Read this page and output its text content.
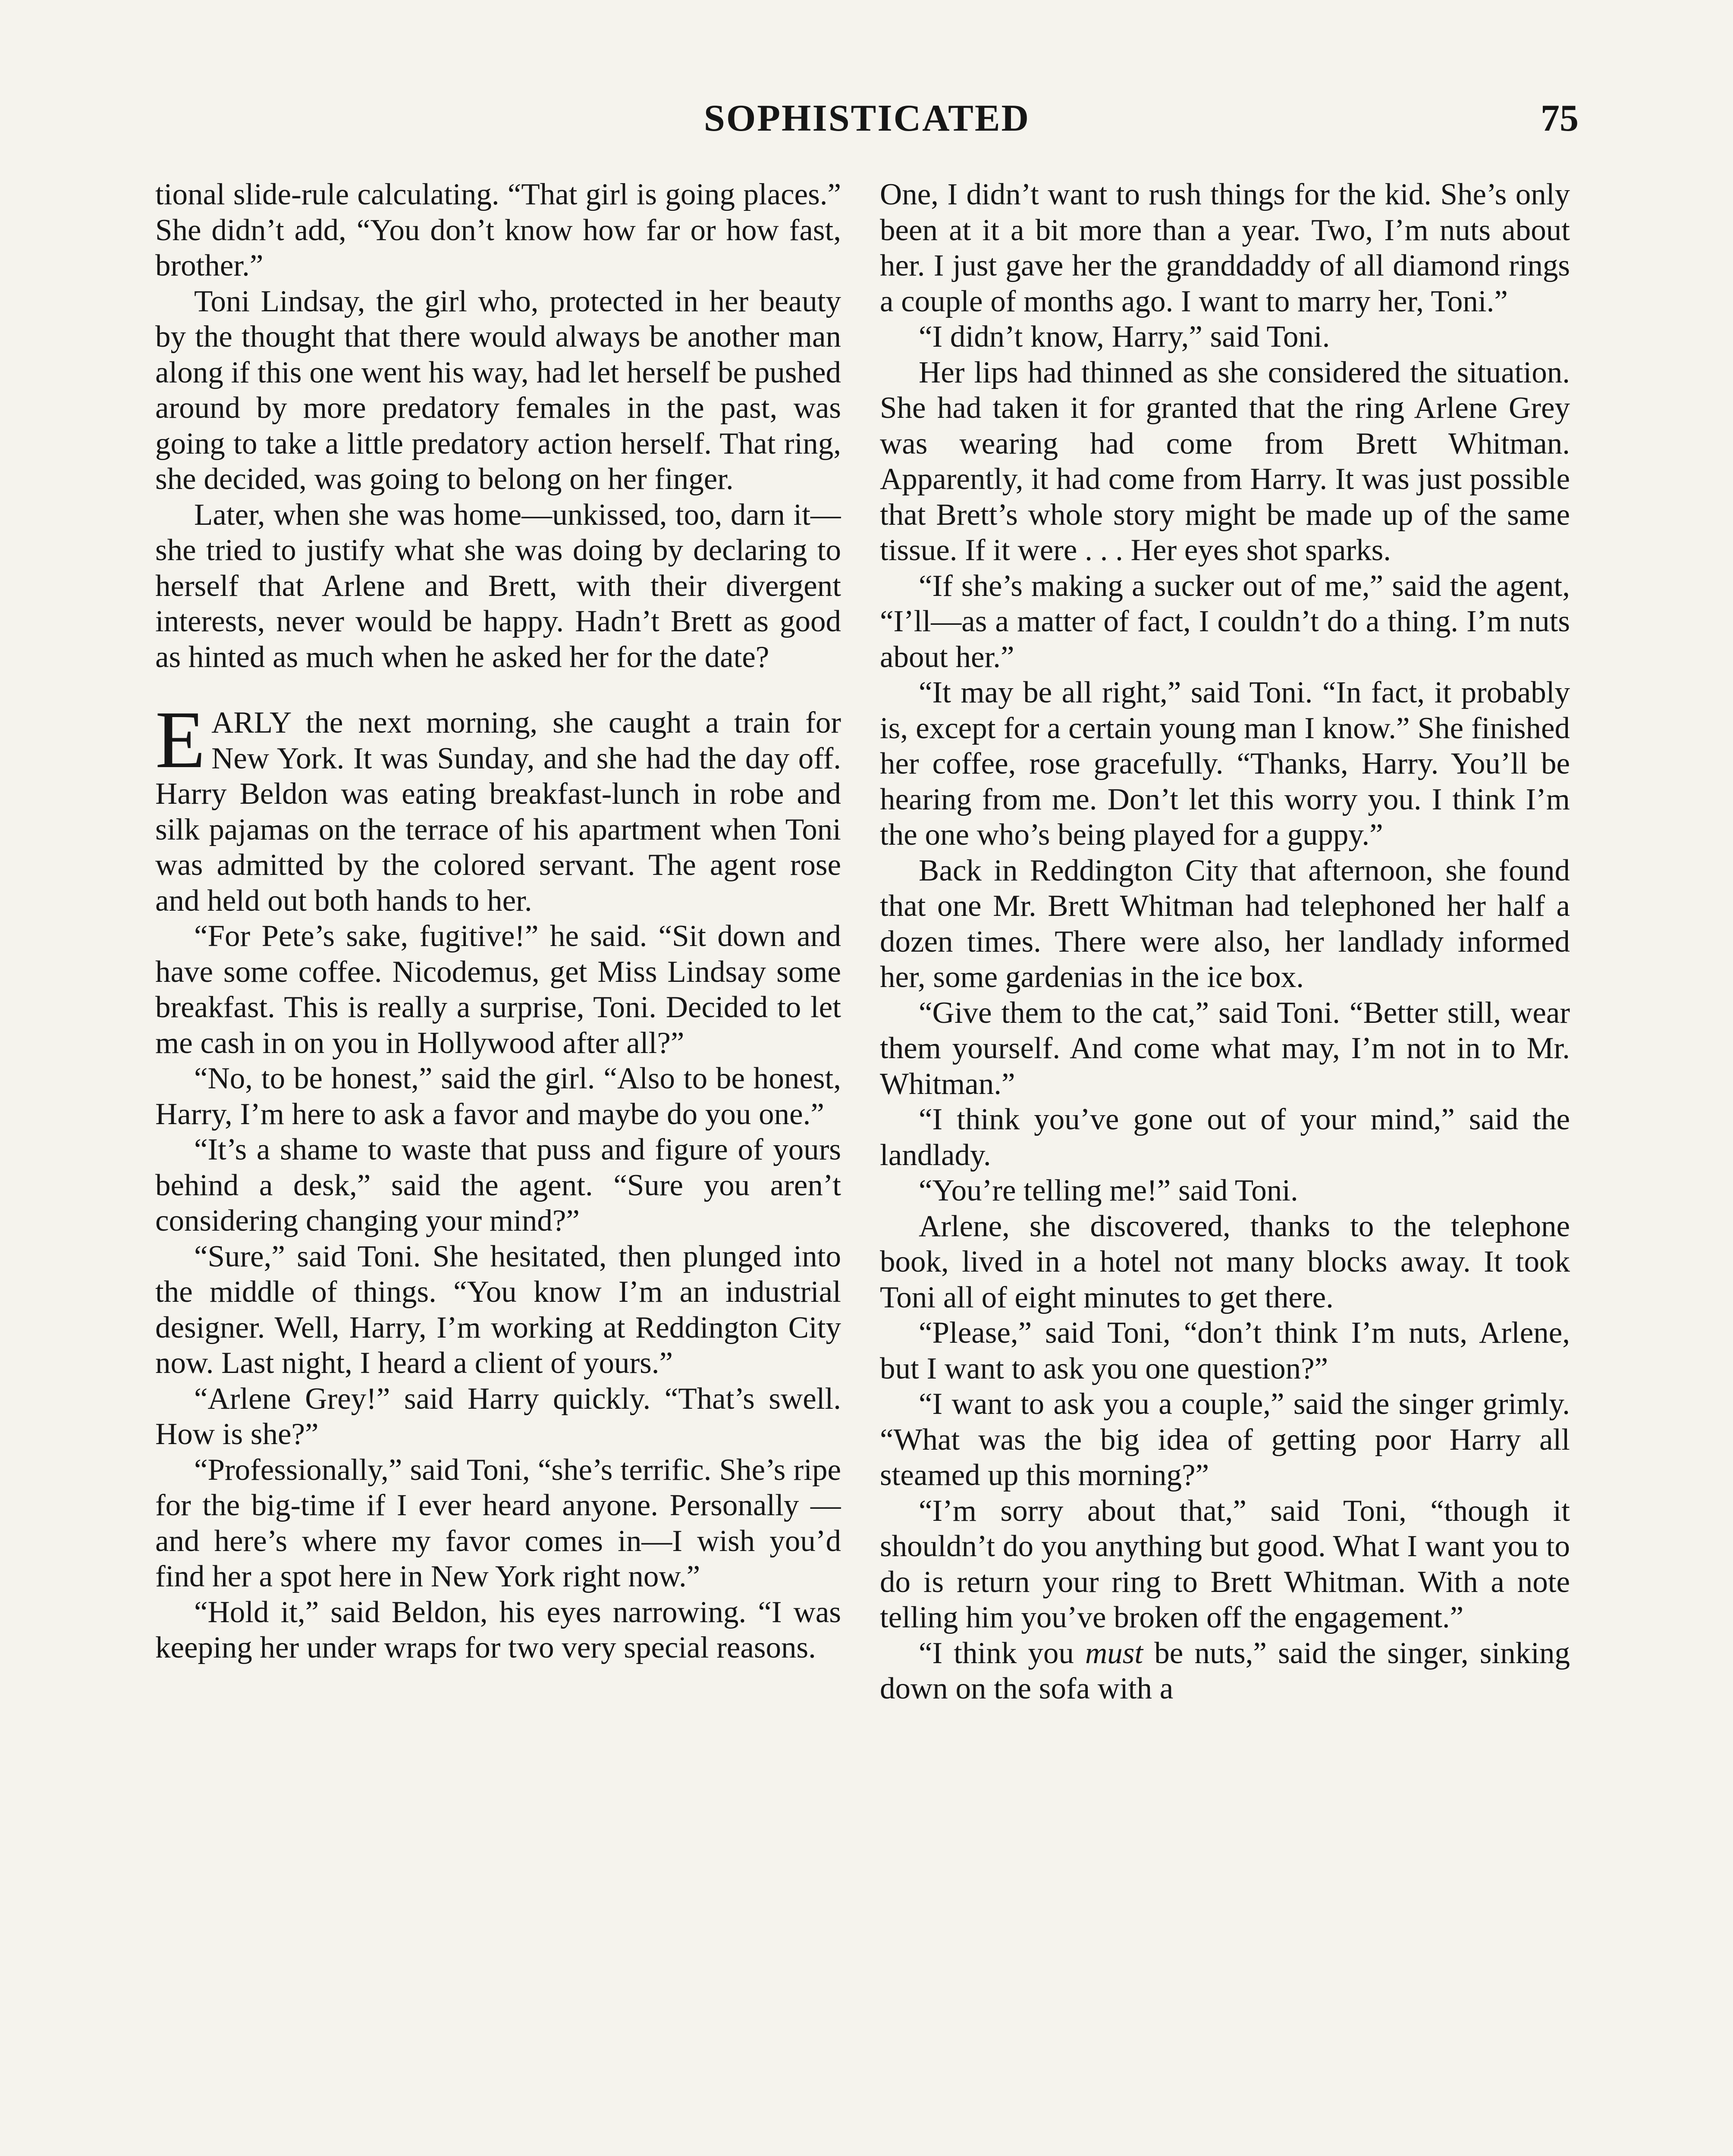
SOPHISTICATED	75

tional slide-rule calculating. “That girl is going places.” She didn’t add, “You don’t know how far or how fast, brother.”

Toni Lindsay, the girl who, protected in her beauty by the thought that there would always be another man along if this one went his way, had let herself be pushed around by more predatory females in the past, was going to take a little predatory action herself. That ring, she decided, was going to belong on her finger.

Later, when she was home—unkissed, too, darn it—she tried to justify what she was doing by declaring to herself that Arlene and Brett, with their divergent interests, never would be happy. Hadn’t Brett as good as hinted as much when he asked her for the date?

EARLY the next morning, she caught a train for New York. It was Sunday, and she had the day off. Harry Beldon was eating breakfast-lunch in robe and silk pajamas on the terrace of his apartment when Toni was admitted by the colored servant. The agent rose and held out both hands to her.

“For Pete’s sake, fugitive!” he said. “Sit down and have some coffee. Nicodemus, get Miss Lindsay some breakfast. This is really a surprise, Toni. Decided to let me cash in on you in Hollywood after all?”

“No, to be honest,” said the girl. “Also to be honest, Harry, I’m here to ask a favor and maybe do you one.”

“It’s a shame to waste that puss and figure of yours behind a desk,” said the agent. “Sure you aren’t considering changing your mind?”

“Sure,” said Toni. She hesitated, then plunged into the middle of things. “You know I’m an industrial designer. Well, Harry, I’m working at Reddington City now. Last night, I heard a client of yours.”

“Arlene Grey!” said Harry quickly. “That’s swell. How is she?”

“Professionally,” said Toni, “she’s terrific. She’s ripe for the big-time if I ever heard anyone. Personally — and here’s where my favor comes in—I wish you’d find her a spot here in New York right now.”

“Hold it,” said Beldon, his eyes narrowing. “I was keeping her under wraps for two very special reasons.

One, I didn’t want to rush things for the kid. She’s only been at it a bit more than a year. Two, I’m nuts about her. I just gave her the granddaddy of all diamond rings a couple of months ago. I want to marry her, Toni.”

“I didn’t know, Harry,” said Toni.

Her lips had thinned as she considered the situation. She had taken it for granted that the ring Arlene Grey was wearing had come from Brett Whitman. Apparently, it had come from Harry. It was just possible that Brett’s whole story might be made up of the same tissue. If it were . . . Her eyes shot sparks.

“If she’s making a sucker out of me,” said the agent, “I’ll—as a matter of fact, I couldn’t do a thing. I’m nuts about her.”

“It may be all right,” said Toni. “In fact, it probably is, except for a certain young man I know.” She finished her coffee, rose gracefully. “Thanks, Harry. You’ll be hearing from me. Don’t let this worry you. I think I’m the one who’s being played for a guppy.”

Back in Reddington City that afternoon, she found that one Mr. Brett Whitman had telephoned her half a dozen times. There were also, her landlady informed her, some gardenias in the ice box.

“Give them to the cat,” said Toni. “Better still, wear them yourself. And come what may, I’m not in to Mr. Whitman.”

“I think you’ve gone out of your mind,” said the landlady.

“You’re telling me!” said Toni.

Arlene, she discovered, thanks to the telephone book, lived in a hotel not many blocks away. It took Toni all of eight minutes to get there.

“Please,” said Toni, “don’t think I’m nuts, Arlene, but I want to ask you one question?”

“I want to ask you a couple,” said the singer grimly. “What was the big idea of getting poor Harry all steamed up this morning?”

“I’m sorry about that,” said Toni, “though it shouldn’t do you anything but good. What I want you to do is return your ring to Brett Whitman. With a note telling him you’ve broken off the engagement.”

“I think you must be nuts,” said the singer, sinking down on the sofa with a
